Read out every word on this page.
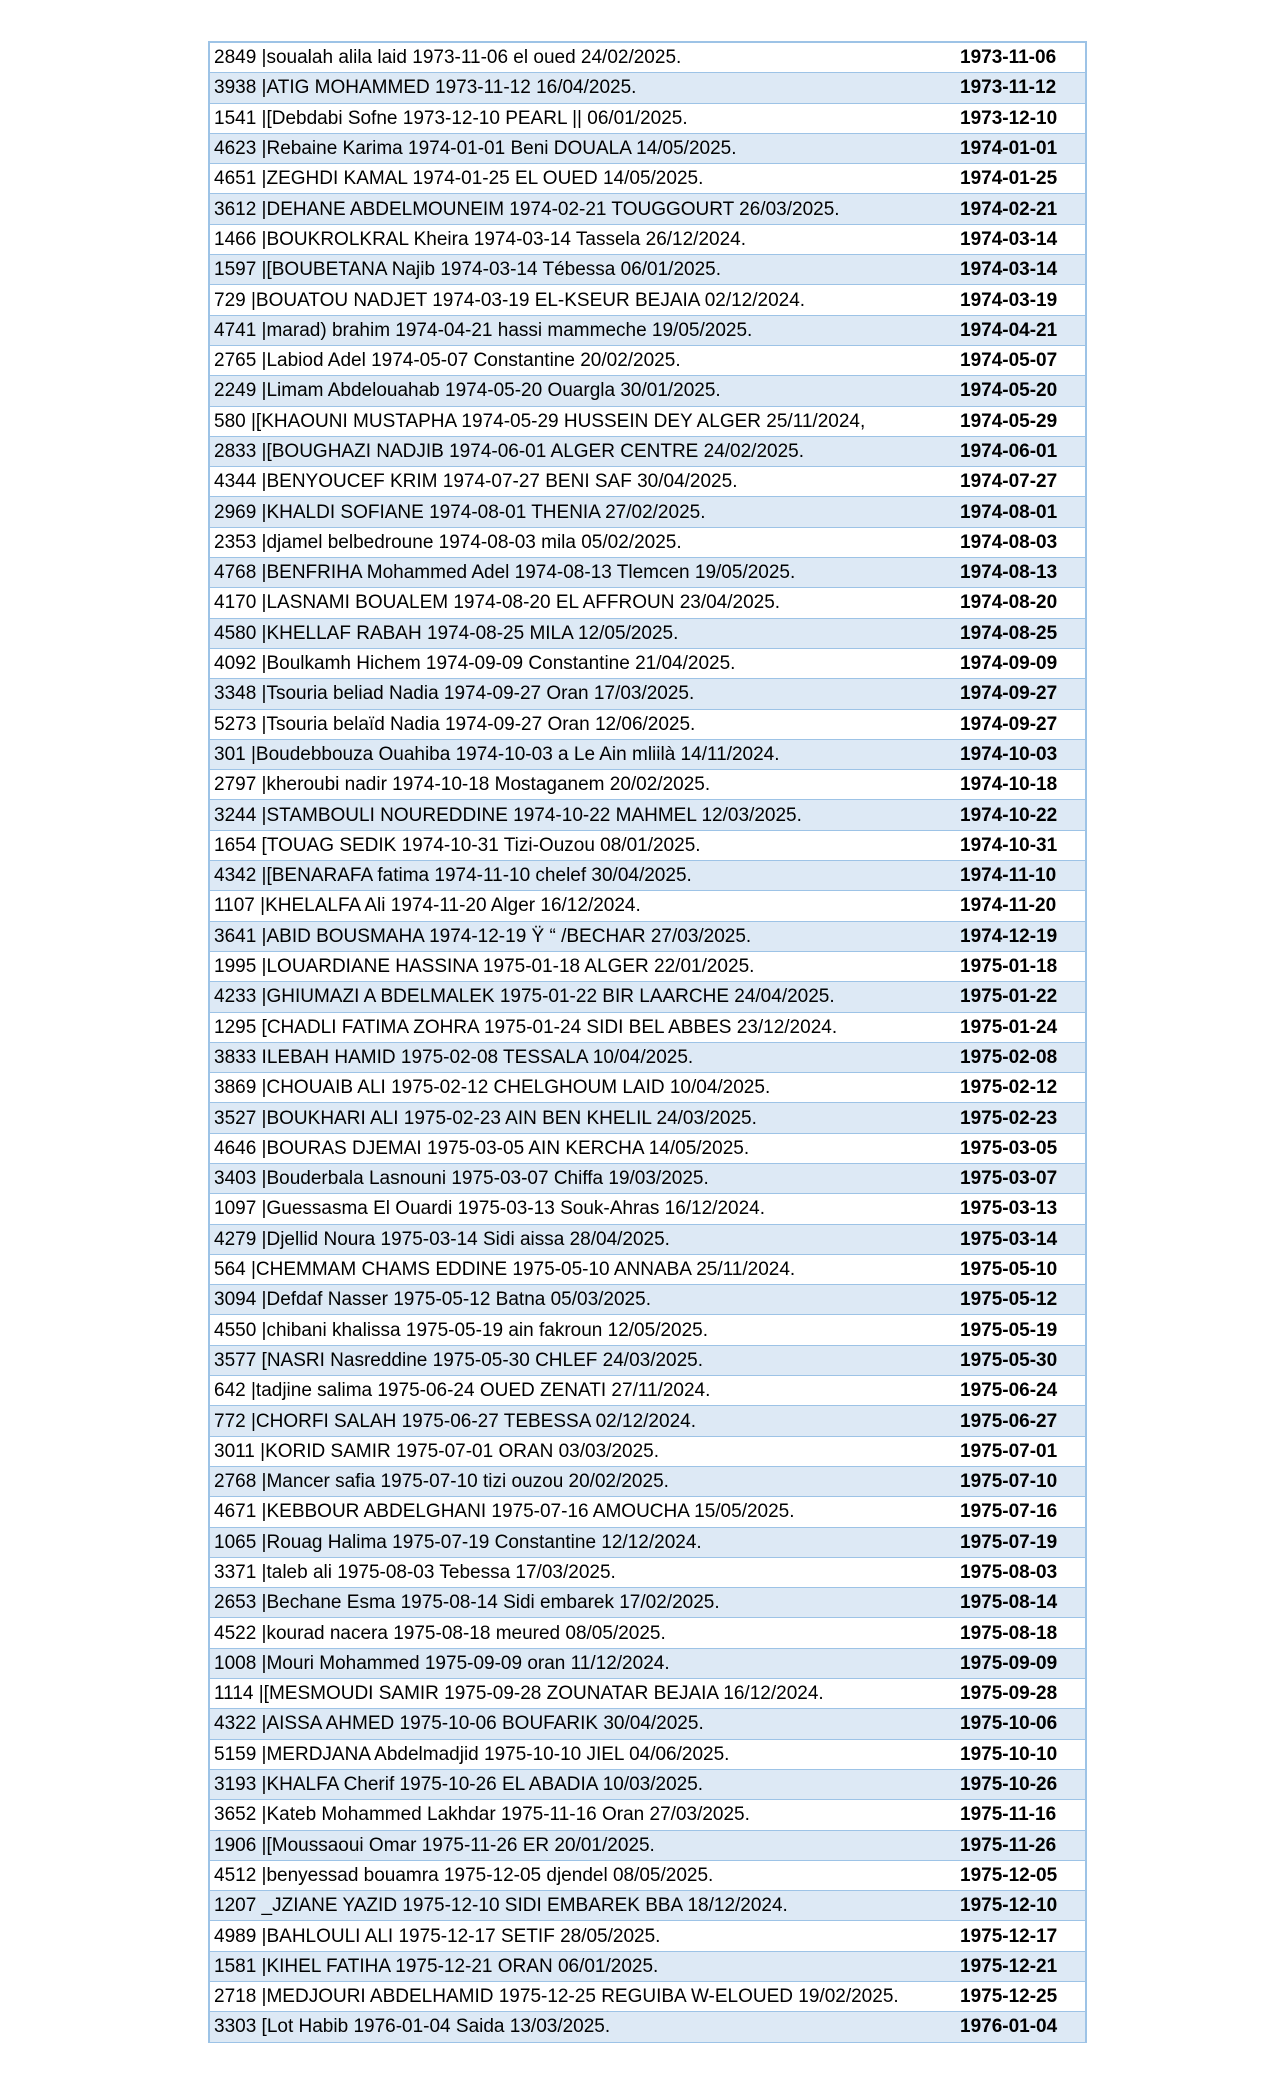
2849 |soualah alila laid 1973-11-06 el oued 24/02/2025.	1973-11-06
3938 |ATIG MOHAMMED 1973-11-12 16/04/2025.	1973-11-12
1541 |[Debdabi Sofne 1973-12-10 PEARL || 06/01/2025.	1973-12-10
4623 |Rebaine Karima 1974-01-01 Beni DOUALA 14/05/2025.	1974-01-01
4651 |ZEGHDI KAMAL 1974-01-25 EL OUED 14/05/2025.	1974-01-25
3612 |DEHANE ABDELMOUNEIM 1974-02-21 TOUGGOURT 26/03/2025.	1974-02-21
1466 |BOUKROLKRAL Kheira 1974-03-14 Tassela 26/12/2024.	1974-03-14
1597 |[BOUBETANA Najib 1974-03-14 Tébessa 06/01/2025.	1974-03-14
729 |BOUATOU NADJET 1974-03-19 EL-KSEUR BEJAIA 02/12/2024.	1974-03-19
4741 |marad) brahim 1974-04-21 hassi mammeche 19/05/2025.	1974-04-21
2765 |Labiod Adel 1974-05-07 Constantine 20/02/2025.	1974-05-07
2249 |Limam Abdelouahab 1974-05-20 Ouargla 30/01/2025.	1974-05-20
580 |[KHAOUNI MUSTAPHA 1974-05-29 HUSSEIN DEY ALGER 25/11/2024,	1974-05-29
2833 |[BOUGHAZI NADJIB 1974-06-01 ALGER CENTRE 24/02/2025.	1974-06-01
4344 |BENYOUCEF KRIM 1974-07-27 BENI SAF 30/04/2025.	1974-07-27
2969 |KHALDI SOFIANE 1974-08-01 THENIA 27/02/2025.	1974-08-01
2353 |djamel belbedroune 1974-08-03 mila 05/02/2025.	1974-08-03
4768 |BENFRIHA Mohammed Adel 1974-08-13 Tlemcen 19/05/2025.	1974-08-13
4170 |LASNAMI BOUALEM 1974-08-20 EL AFFROUN 23/04/2025.	1974-08-20
4580 |KHELLAF RABAH 1974-08-25 MILA 12/05/2025.	1974-08-25
4092 |Boulkamh Hichem 1974-09-09 Constantine 21/04/2025.	1974-09-09
3348 |Tsouria beliad Nadia 1974-09-27 Oran 17/03/2025.	1974-09-27
5273 |Tsouria belaïd Nadia 1974-09-27 Oran 12/06/2025.	1974-09-27
301 |Boudebbouza Ouahiba 1974-10-03 a Le Ain mliilà 14/11/2024.	1974-10-03
2797 |kheroubi nadir 1974-10-18 Mostaganem 20/02/2025.	1974-10-18
3244 |STAMBOULI NOUREDDINE 1974-10-22 MAHMEL 12/03/2025.	1974-10-22
1654 [TOUAG SEDIK 1974-10-31 Tizi-Ouzou 08/01/2025.	1974-10-31
4342 |[BENARAFA fatima 1974-11-10 chelef 30/04/2025.	1974-11-10
1107 |KHELALFA Ali 1974-11-20 Alger 16/12/2024.	1974-11-20
3641 |ABID BOUSMAHA 1974-12-19 Ÿ “ /BECHAR 27/03/2025.	1974-12-19
1995 |LOUARDIANE HASSINA 1975-01-18 ALGER 22/01/2025.	1975-01-18
4233 |GHIUMAZI A BDELMALEK 1975-01-22 BIR LAARCHE 24/04/2025.	1975-01-22
1295 [CHADLI FATIMA ZOHRA 1975-01-24 SIDI BEL ABBES 23/12/2024.	1975-01-24
3833 ILEBAH HAMID 1975-02-08 TESSALA 10/04/2025.	1975-02-08
3869 |CHOUAIB ALI 1975-02-12 CHELGHOUM LAID 10/04/2025.	1975-02-12
3527 |BOUKHARI ALI 1975-02-23 AIN BEN KHELIL 24/03/2025.	1975-02-23
4646 |BOURAS DJEMAI 1975-03-05 AIN KERCHA 14/05/2025.	1975-03-05
3403 |Bouderbala Lasnouni 1975-03-07 Chiffa 19/03/2025.	1975-03-07
1097 |Guessasma El Ouardi 1975-03-13 Souk-Ahras 16/12/2024.	1975-03-13
4279 |Djellid Noura 1975-03-14 Sidi aissa 28/04/2025.	1975-03-14
564 |CHEMMAM CHAMS EDDINE 1975-05-10 ANNABA 25/11/2024.	1975-05-10
3094 |Defdaf Nasser 1975-05-12 Batna 05/03/2025.	1975-05-12
4550 |chibani khalissa 1975-05-19 ain fakroun 12/05/2025.	1975-05-19
3577 [NASRI Nasreddine 1975-05-30 CHLEF 24/03/2025.	1975-05-30
642 |tadjine salima 1975-06-24 OUED ZENATI 27/11/2024.	1975-06-24
772 |CHORFI SALAH 1975-06-27 TEBESSA 02/12/2024.	1975-06-27
3011 |KORID SAMIR 1975-07-01 ORAN 03/03/2025.	1975-07-01
2768 |Mancer safia 1975-07-10 tizi ouzou 20/02/2025.	1975-07-10
4671 |KEBBOUR ABDELGHANI 1975-07-16 AMOUCHA 15/05/2025.	1975-07-16
1065 |Rouag Halima 1975-07-19 Constantine 12/12/2024.	1975-07-19
3371 |taleb ali 1975-08-03 Tebessa 17/03/2025.	1975-08-03
2653 |Bechane Esma 1975-08-14 Sidi embarek 17/02/2025.	1975-08-14
4522 |kourad nacera 1975-08-18 meured 08/05/2025.	1975-08-18
1008 |Mouri Mohammed 1975-09-09 oran 11/12/2024.	1975-09-09
1114 |[MESMOUDI SAMIR 1975-09-28 ZOUNATAR BEJAIA 16/12/2024.	1975-09-28
4322 |AISSA AHMED 1975-10-06 BOUFARIK 30/04/2025.	1975-10-06
5159 |MERDJANA Abdelmadjid 1975-10-10 JIEL 04/06/2025.	1975-10-10
3193 |KHALFA Cherif 1975-10-26 EL ABADIA 10/03/2025.	1975-10-26
3652 |Kateb Mohammed Lakhdar 1975-11-16 Oran 27/03/2025.	1975-11-16
1906 |[Moussaoui Omar 1975-11-26 ER 20/01/2025.	1975-11-26
4512 |benyessad bouamra 1975-12-05 djendel 08/05/2025.	1975-12-05
1207 _JZIANE YAZID 1975-12-10 SIDI EMBAREK BBA 18/12/2024.	1975-12-10
4989 |BAHLOULI ALI 1975-12-17 SETIF 28/05/2025.	1975-12-17
1581 |KIHEL FATIHA 1975-12-21 ORAN 06/01/2025.	1975-12-21
2718 |MEDJOURI ABDELHAMID 1975-12-25 REGUIBA W-ELOUED 19/02/2025.	1975-12-25
3303 [Lot Habib 1976-01-04 Saida 13/03/2025.	1976-01-04
